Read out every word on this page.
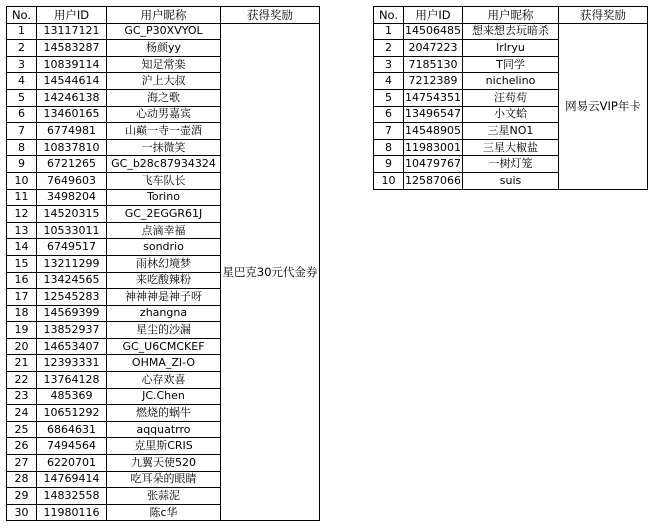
No.	用户ID	用户昵称	获得奖励
1	13117121	GC_P30XVYOL	星巴克30元代金券
2	14583287	杨颜yy	
3	10839114	知足常楽	
4	14544614	沪上大叔	
5	14246138	海之歌	
6	13460165	心动男嘉宾	
7	6774981	山巅一寺一壶酒	
8	10837810	一抹微笑	
9	6721265	GC_b28c87934324	
10	7649603	飞车队长	
11	3498204	Torino	
12	14520315	GC_2EGGR61J	
13	10533011	点滴幸福	
14	6749517	sondrio	
15	13211299	雨林幻境梦	
16	13424565	来吃酸辣粉	
17	12545283	神神神是神子呀	
18	14569399	zhangna	
19	13852937	星尘的沙漏	
20	14653407	GC_U6CMCKEF	
21	12393331	OHMA_ZI-O	
22	13764128	心存欢喜	
23	485369	JC.Chen	
24	10651292	燃烧的蜗牛	
25	6864631	aqquatrro	
26	7494564	克里斯CRIS	
27	6220701	九翼天使520	
28	14769414	吃耳朵的眼睛	
29	14832558	张蒜泥	
30	11980116	陈c华	
No.	用户ID	用户昵称	获得奖励
1	14506485	想来想去玩暗杀	网易云VIP年卡
2	2047223	lrlryu	
3	7185130	T同学	
4	7212389	nichelino	
5	14754351	汪苟苟	
6	13496547	小文蛤	
7	14548905	三星NO1	
8	11983001	三星大椒盐	
9	10479767	一树灯笼	
10	12587066	suis	
